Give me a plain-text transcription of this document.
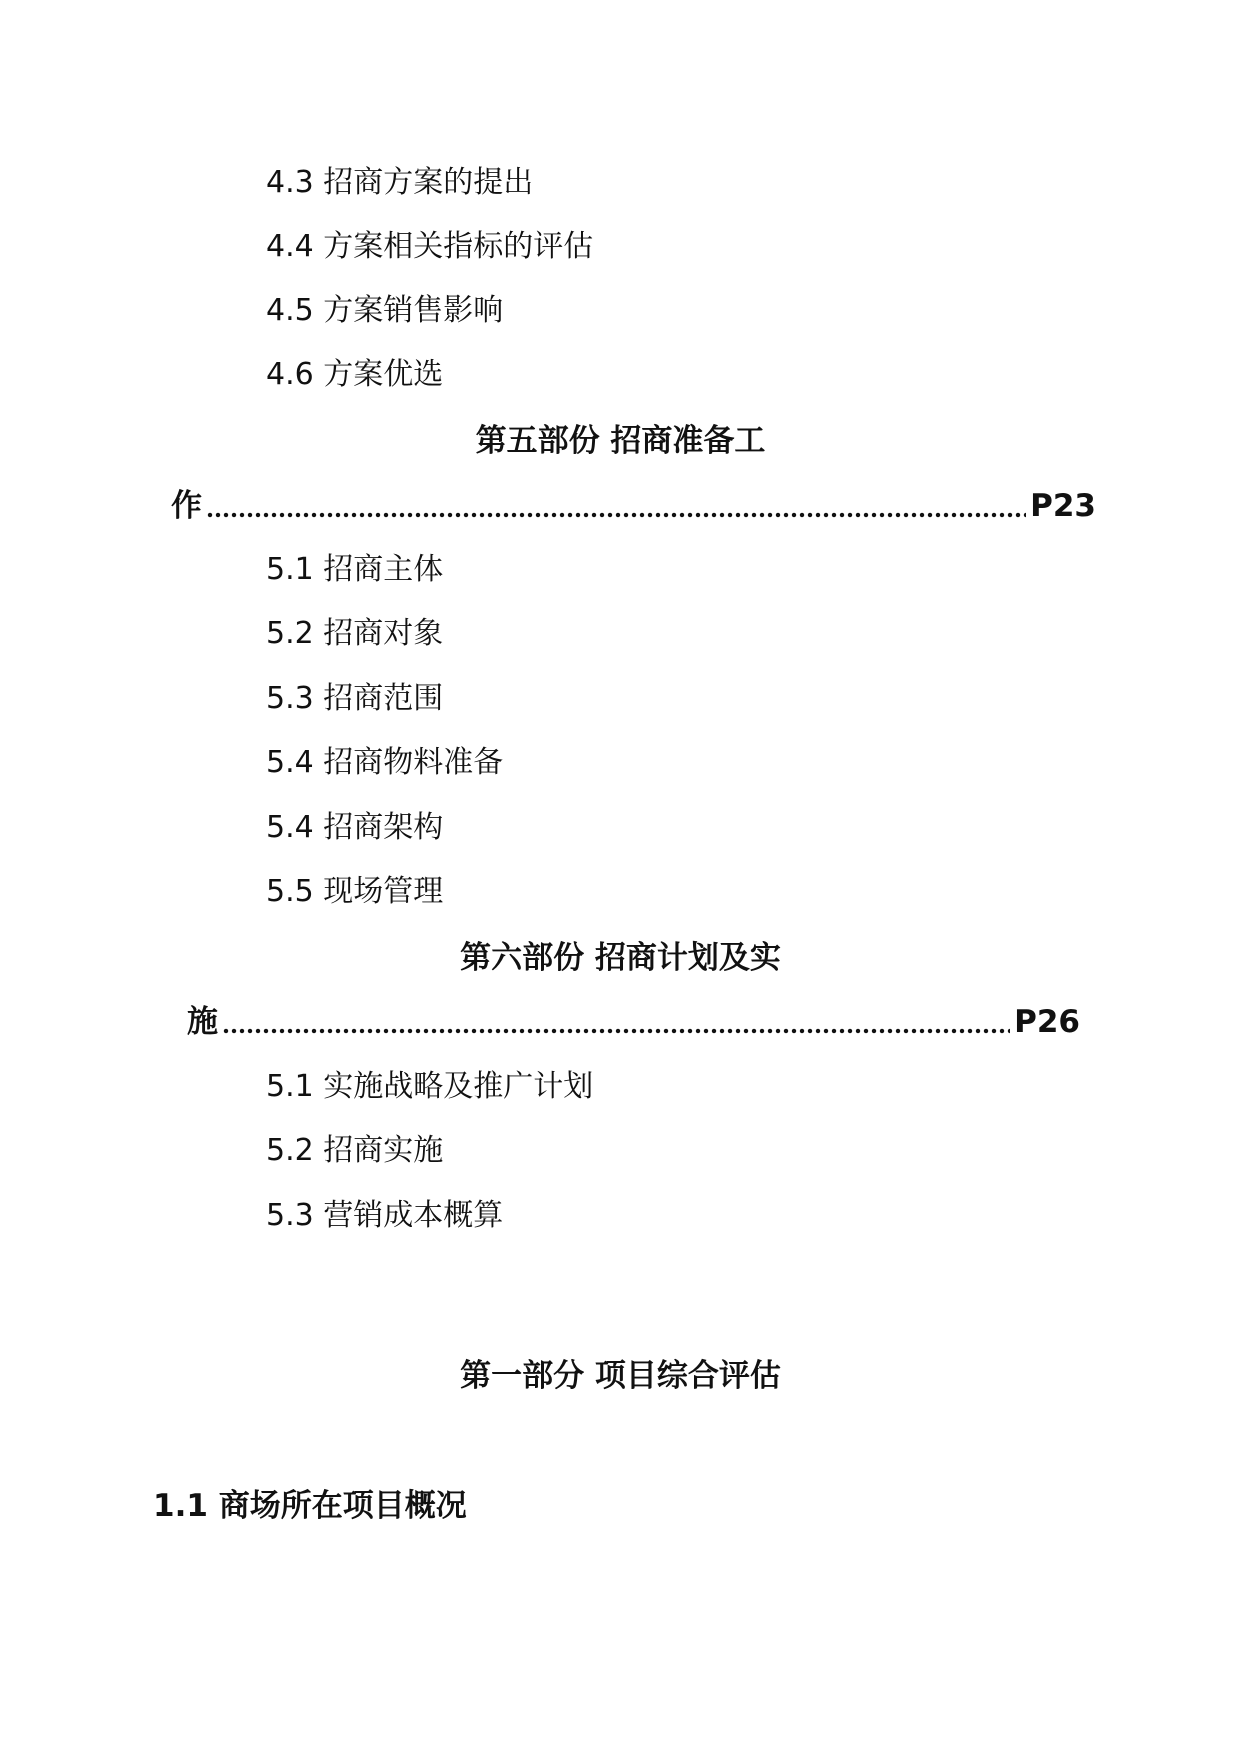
4.3 招商方案的提出
4.4 方案相关指标的评估
4.5 方案销售影响
4.6 方案优选
第五部份 招商准备工
作	P23
5.1 招商主体
5.2 招商对象
5.3 招商范围
5.4 招商物料准备
5.4 招商架构
5.5 现场管理
第六部份 招商计划及实
施	P26
5.1 实施战略及推广计划
5.2 招商实施
5.3 营销成本概算
第一部分 项目综合评估
1.1 商场所在项目概况
